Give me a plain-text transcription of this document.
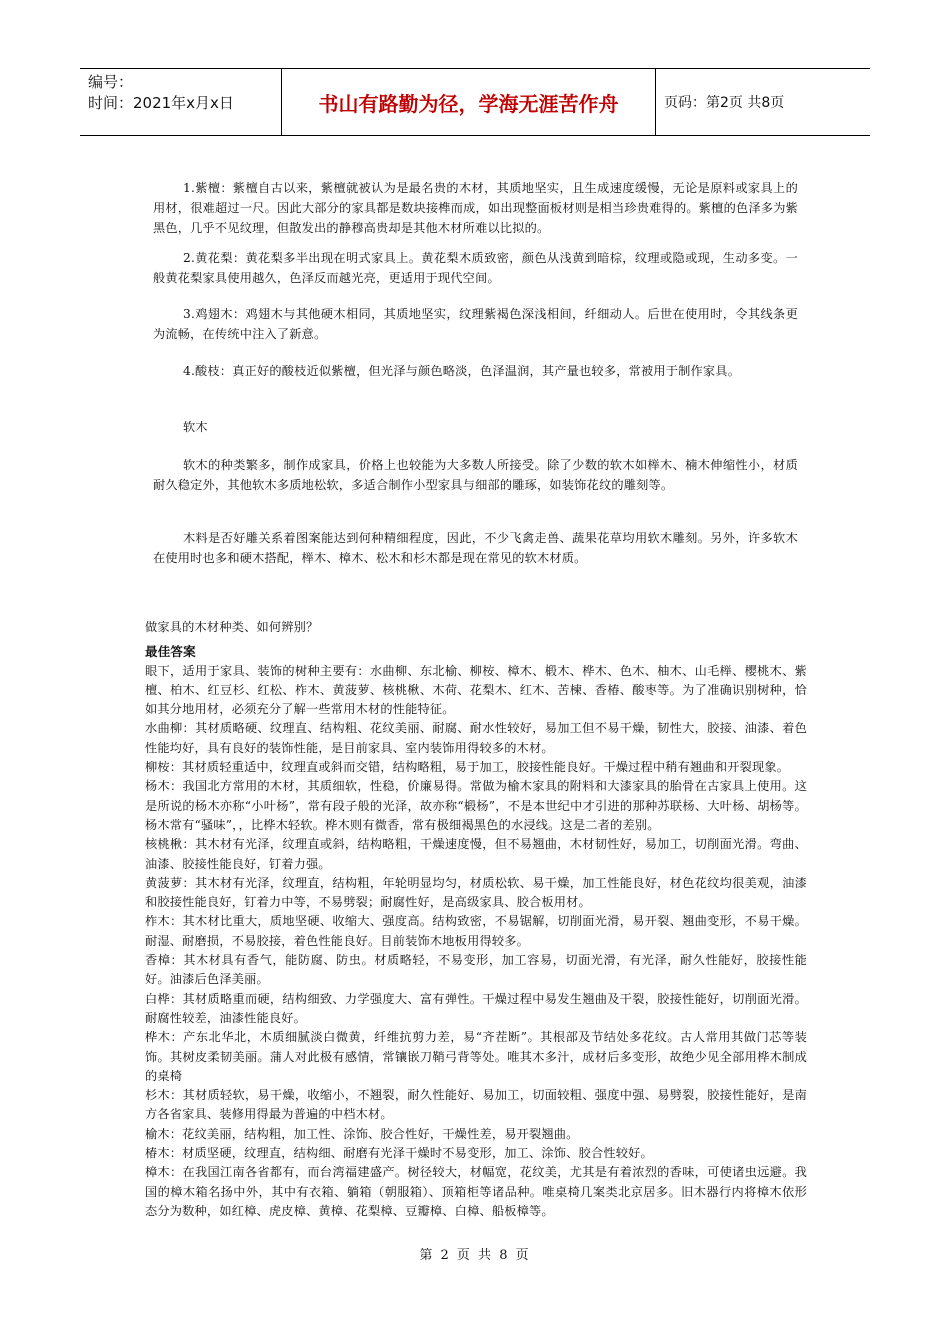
编号：
时间：2021年x月x日	书山有路勤为径，学海无涯苦作舟	页码：第2页 共8页

1.紫檀：紫檀自古以来，紫檀就被认为是最名贵的木材，其质地坚实，且生成速度缓慢，无论是原料或家具上的用材，很难超过一尺。因此大部分的家具都是数块接榫而成，如出现整面板材则是相当珍贵难得的。紫檀的色泽多为紫黑色，几乎不见纹理，但散发出的静穆高贵却是其他木材所难以比拟的。

2.黄花梨：黄花梨多半出现在明式家具上。黄花梨木质致密，颜色从浅黄到暗棕，纹理或隐或现，生动多变。一般黄花梨家具使用越久，色泽反而越光亮，更适用于现代空间。

3.鸡翅木：鸡翅木与其他硬木相同，其质地坚实，纹理紫褐色深浅相间，纤细动人。后世在使用时，令其线条更为流畅，在传统中注入了新意。

4.酸枝：真正好的酸枝近似紫檀，但光泽与颜色略淡，色泽温润，其产量也较多，常被用于制作家具。

软木

软木的种类繁多，制作成家具，价格上也较能为大多数人所接受。除了少数的软木如榉木、楠木伸缩性小，材质耐久稳定外，其他软木多质地松软，多适合制作小型家具与细部的雕琢，如装饰花纹的雕刻等。

木料是否好雕关系着图案能达到何种精细程度，因此，不少飞禽走兽、蔬果花草均用软木雕刻。另外，许多软木在使用时也多和硬木搭配，榉木、樟木、松木和杉木都是现在常见的软木材质。

做家具的木材种类、如何辨别？

最佳答案

眼下，适用于家具、装饰的树种主要有：水曲柳、东北榆、柳桉、樟木、椴木、桦木、色木、柚木、山毛榉、樱桃木、紫檀、柏木、红豆杉、红松、柞木、黄菠萝、核桃楸、木荷、花梨木、红木、苦楝、香椿、酸枣等。为了准确识别树种，恰如其分地用材，必须充分了解一些常用木材的性能特征。

水曲柳：其材质略硬、纹理直、结构粗、花纹美丽、耐腐、耐水性较好，易加工但不易干燥，韧性大，胶接、油漆、着色性能均好，具有良好的装饰性能，是目前家具、室内装饰用得较多的木材。

柳桉：其材质轻重适中，纹理直或斜而交错，结构略粗，易于加工，胶接性能良好。干燥过程中稍有翘曲和开裂现象。

杨木：我国北方常用的木材，其质细软，性稳，价廉易得。常做为榆木家具的附料和大漆家具的胎骨在古家具上使用。这是所说的杨木亦称“小叶杨”，常有段子般的光泽，故亦称“椴杨”，不是本世纪中才引进的那种苏联杨、大叶杨、胡杨等。杨木常有“骚味”，，比桦木轻软。桦木则有微香，常有极细褐黑色的水浸线。这是二者的差别。

核桃楸：其木材有光泽，纹理直或斜，结构略粗，干燥速度慢，但不易翘曲，木材韧性好，易加工，切削面光滑。弯曲、油漆、胶接性能良好，钉着力强。

黄菠萝：其木材有光泽，纹理直，结构粗，年轮明显均匀，材质松软、易干燥，加工性能良好，材色花纹均很美观，油漆和胶接性能良好，钉着力中等，不易劈裂；耐腐性好，是高级家具、胶合板用材。

柞木：其木材比重大，质地坚硬、收缩大、强度高。结构致密，不易锯解，切削面光滑，易开裂、翘曲变形，不易干燥。耐湿、耐磨损，不易胶接，着色性能良好。目前装饰木地板用得较多。

香樟：其木材具有香气，能防腐、防虫。材质略轻，不易变形，加工容易，切面光滑，有光泽，耐久性能好，胶接性能好。油漆后色泽美丽。

白桦：其材质略重而硬，结构细致、力学强度大、富有弹性。干燥过程中易发生翘曲及干裂，胶接性能好，切削面光滑。耐腐性较差，油漆性能良好。

桦木：产东北华北，木质细腻淡白微黄，纤维抗剪力差，易“齐茬断”。其根部及节结处多花纹。古人常用其做门芯等装饰。其树皮柔韧美丽。蒲人对此极有感情，常镶嵌刀鞘弓背等处。唯其木多汁，成材后多变形，故绝少见全部用桦木制成的桌椅

杉木：其材质轻软，易干燥，收缩小，不翘裂，耐久性能好、易加工，切面较粗、强度中强、易劈裂，胶接性能好，是南方各省家具、装修用得最为普遍的中档木材。

榆木：花纹美丽，结构粗，加工性、涂饰、胶合性好，干燥性差，易开裂翘曲。

椿木：材质坚硬，纹理直，结构细、耐磨有光泽干燥时不易变形，加工、涂饰、胶合性较好。

樟木：在我国江南各省都有，而台湾福建盛产。树径较大，材幅宽，花纹美，尤其是有着浓烈的香味，可使诸虫远避。我国的樟木箱名扬中外，其中有衣箱、躺箱（朝服箱）、顶箱柜等诸品种。唯桌椅几案类北京居多。旧木器行内将樟木依形态分为数种，如红樟、虎皮樟、黄樟、花梨樟、豆瓣樟、白樟、船板樟等。

第 2 页 共 8 页
